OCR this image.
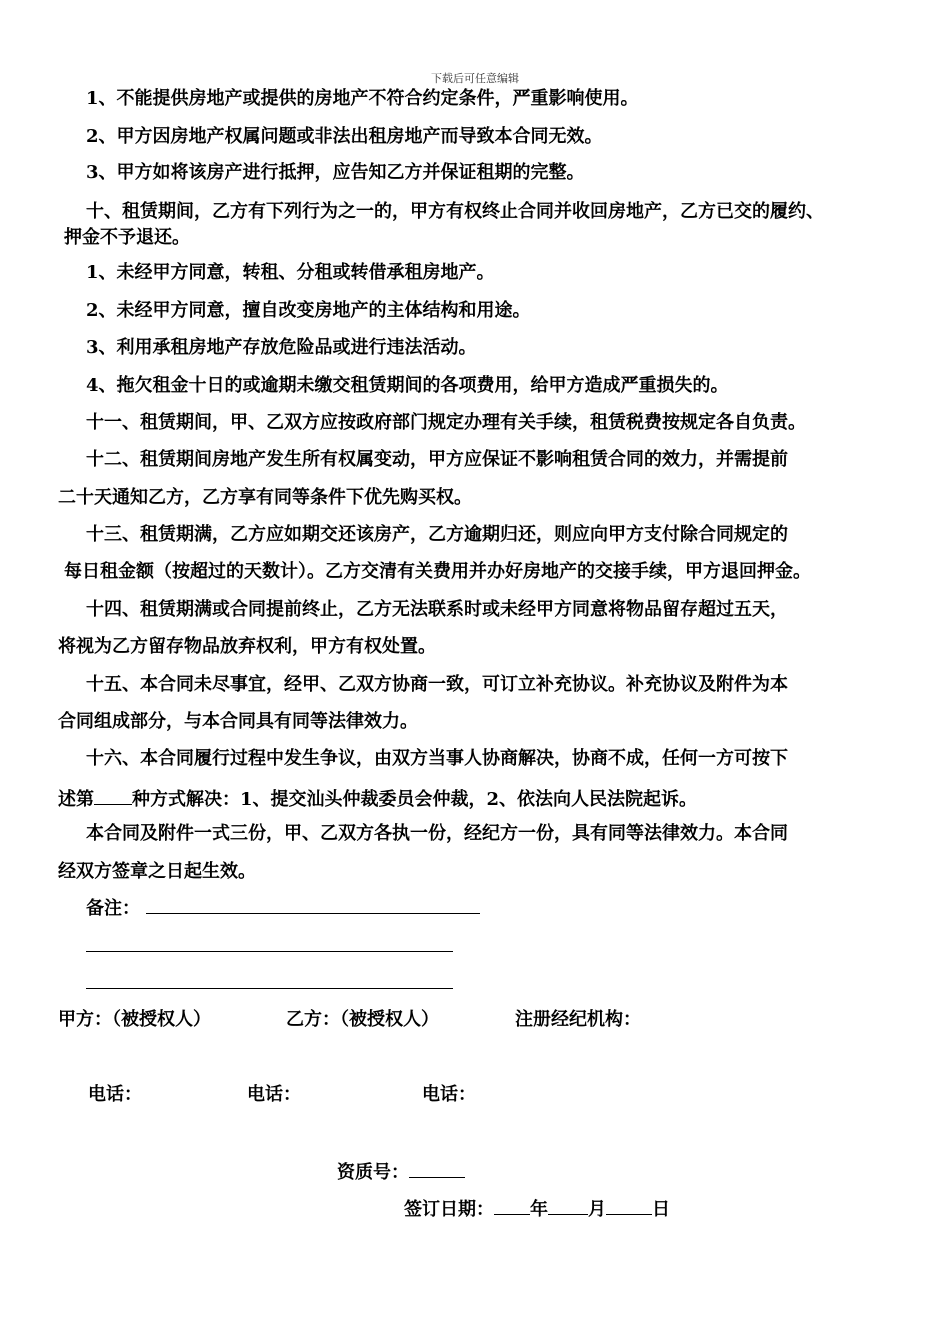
下载后可任意编辑
1、不能提供房地产或提供的房地产不符合约定条件，严重影响使用。
2、甲方因房地产权属问题或非法出租房地产而导致本合同无效。
3、甲方如将该房产进行抵押，应告知乙方并保证租期的完整。
十、租赁期间，乙方有下列行为之一的，甲方有权终止合同并收回房地产，乙方已交的履约、
押金不予退还。
1、未经甲方同意，转租、分租或转借承租房地产。
2、未经甲方同意，擅自改变房地产的主体结构和用途。
3、利用承租房地产存放危险品或进行违法活动。
4、拖欠租金十日的或逾期未缴交租赁期间的各项费用，给甲方造成严重损失的。
十一、租赁期间，甲、乙双方应按政府部门规定办理有关手续，租赁税费按规定各自负责。
十二、租赁期间房地产发生所有权属变动，甲方应保证不影响租赁合同的效力，并需提前
二十天通知乙方，乙方享有同等条件下优先购买权。
十三、租赁期满，乙方应如期交还该房产，乙方逾期归还，则应向甲方支付除合同规定的
每日租金额（按超过的天数计）。乙方交清有关费用并办好房地产的交接手续，甲方退回押金。
十四、租赁期满或合同提前终止，乙方无法联系时或未经甲方同意将物品留存超过五天，
将视为乙方留存物品放弃权利，甲方有权处置。
十五、本合同未尽事宜，经甲、乙双方协商一致，可订立补充协议。补充协议及附件为本
合同组成部分，与本合同具有同等法律效力。
十六、本合同履行过程中发生争议，由双方当事人协商解决，协商不成，任何一方可按下
述第 种方式解决：1、提交汕头仲裁委员会仲裁，2、依法向人民法院起诉。
本合同及附件一式三份，甲、乙双方各执一份，经纪方一份，具有同等法律效力。本合同
经双方签章之日起生效。
备注：
甲方：（被授权人）	乙方：（被授权人）	注册经纪机构：
电话：	电话：	电话：
资质号：
签订日期： 年 月	日
